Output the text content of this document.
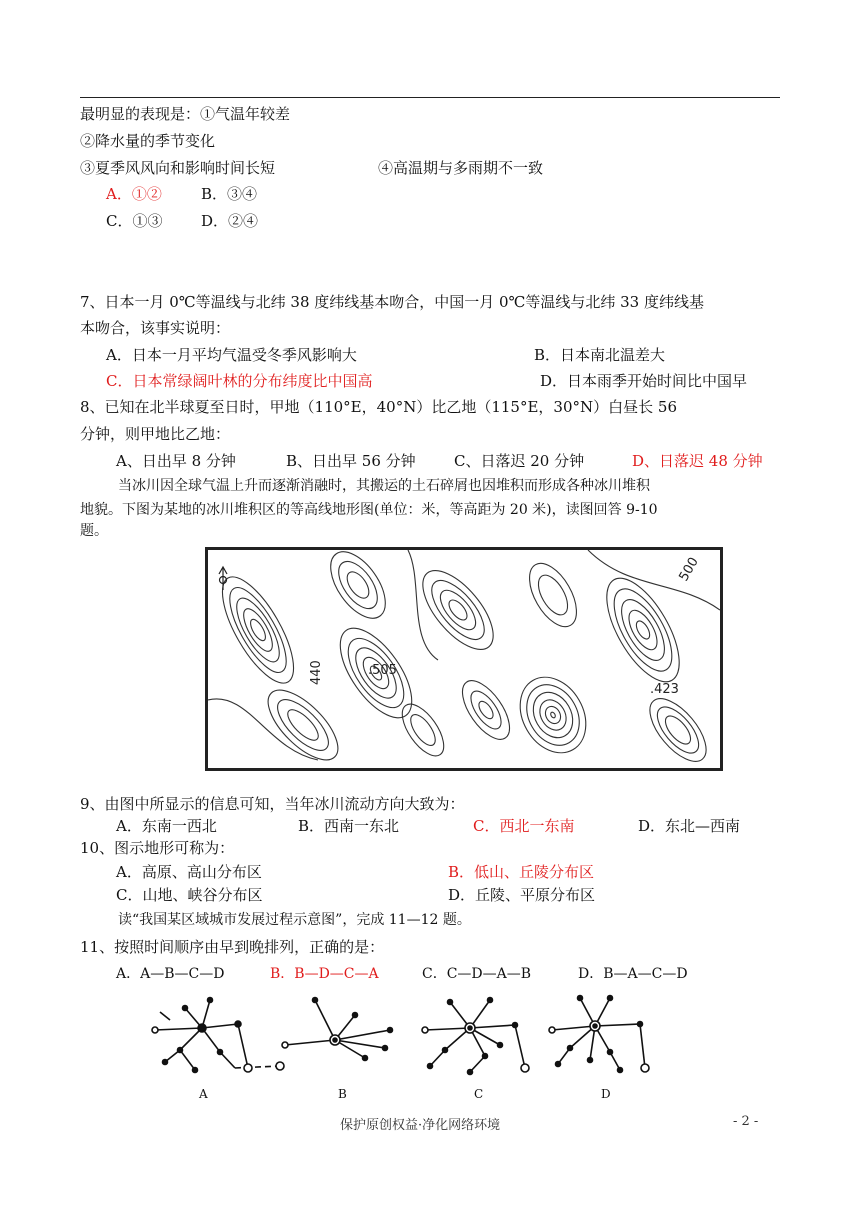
最明显的表现是：①气温年较差
②降水量的季节变化
③夏季风风向和影响时间长短	④高温期与多雨期不一致
A．①②	B．③④
C．①③	D．②④
7、日本一月 0℃等温线与北纬 38 度纬线基本吻合，中国一月 0℃等温线与北纬 33 度纬线基
本吻合，该事实说明：
A．日本一月平均气温受冬季风影响大	B．日本南北温差大
C．日本常绿阔叶林的分布纬度比中国高	D．日本雨季开始时间比中国早
8、已知在北半球夏至日时，甲地（110°E，40°N）比乙地（115°E，30°N）白昼长 56
分钟，则甲地比乙地：
A、日出早 8 分钟	B、日出早 56 分钟	C、日落迟 20 分钟	D、日落迟 48 分钟
当冰川因全球气温上升而逐渐消融时，其搬运的土石碎屑也因堆积而形成各种冰川堆积
地貌。下图为某地的冰川堆积区的等高线地形图(单位：米，等高距为 20 米)，读图回答 9-10
题。
500
.505
440
.423
9、由图中所显示的信息可知，当年冰川流动方向大致为：
A．东南一西北	B．西南一东北	C．西北一东南	D．东北—西南
10、图示地形可称为：
A．高原、高山分布区	B．低山、丘陵分布区
C．山地、峡谷分布区	D．丘陵、平原分布区
读“我国某区域城市发展过程示意图”，完成 11—12 题。
11、按照时间顺序由早到晚排列，正确的是：
A．A—B—C—D	B．B—D—C—A	C．C—D—A—B	D．B—A—C—D
A	B	C	D
保护原创权益·净化网络环境	- 2 -
